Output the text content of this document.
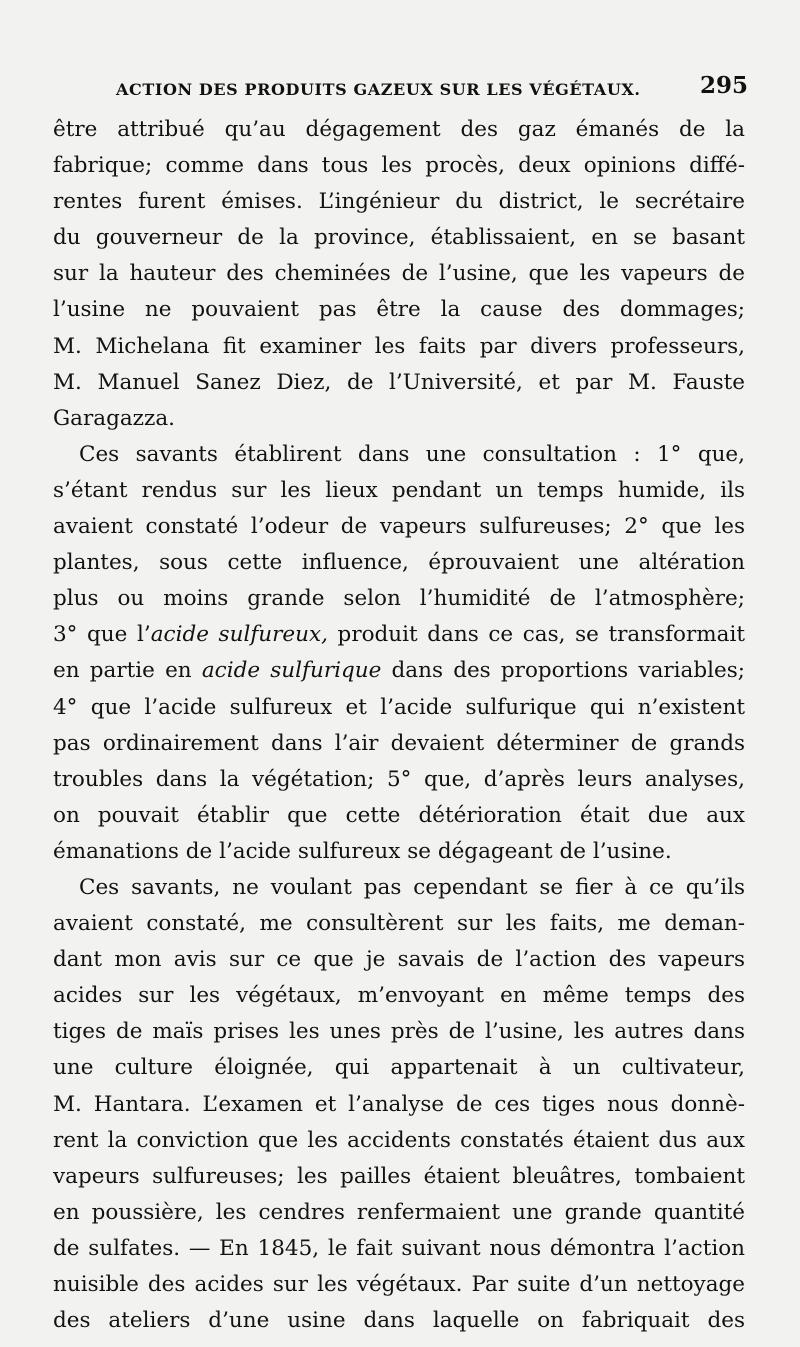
ACTION DES PRODUITS GAZEUX SUR LES VÉGÉTAUX.	295
être attribué qu’au dégagement des gaz émanés de la
fabrique; comme dans tous les procès, deux opinions diffé-
rentes furent émises. L’ingénieur du district, le secrétaire
du gouverneur de la province, établissaient, en se basant
sur la hauteur des cheminées de l’usine, que les vapeurs de
l’usine ne pouvaient pas être la cause des dommages;
M. Michelana fit examiner les faits par divers professeurs,
M. Manuel Sanez Diez, de l’Université, et par M. Fauste
Garagazza.
Ces savants établirent dans une consultation : 1° que,
s’étant rendus sur les lieux pendant un temps humide, ils
avaient constaté l’odeur de vapeurs sulfureuses; 2° que les
plantes, sous cette influence, éprouvaient une altération
plus ou moins grande selon l’humidité de l’atmosphère;
3° que l’acide sulfureux, produit dans ce cas, se transformait
en partie en acide sulfurique dans des proportions variables;
4° que l’acide sulfureux et l’acide sulfurique qui n’existent
pas ordinairement dans l’air devaient déterminer de grands
troubles dans la végétation; 5° que, d’après leurs analyses,
on pouvait établir que cette détérioration était due aux
émanations de l’acide sulfureux se dégageant de l’usine.
Ces savants, ne voulant pas cependant se fier à ce qu’ils
avaient constaté, me consultèrent sur les faits, me deman-
dant mon avis sur ce que je savais de l’action des vapeurs
acides sur les végétaux, m’envoyant en même temps des
tiges de maïs prises les unes près de l’usine, les autres dans
une culture éloignée, qui appartenait à un cultivateur,
M. Hantara. L’examen et l’analyse de ces tiges nous donnè-
rent la conviction que les accidents constatés étaient dus aux
vapeurs sulfureuses; les pailles étaient bleuâtres, tombaient
en poussière, les cendres renfermaient une grande quantité
de sulfates. — En 1845, le fait suivant nous démontra l’action
nuisible des acides sur les végétaux. Par suite d’un nettoyage
des ateliers d’une usine dans laquelle on fabriquait des
